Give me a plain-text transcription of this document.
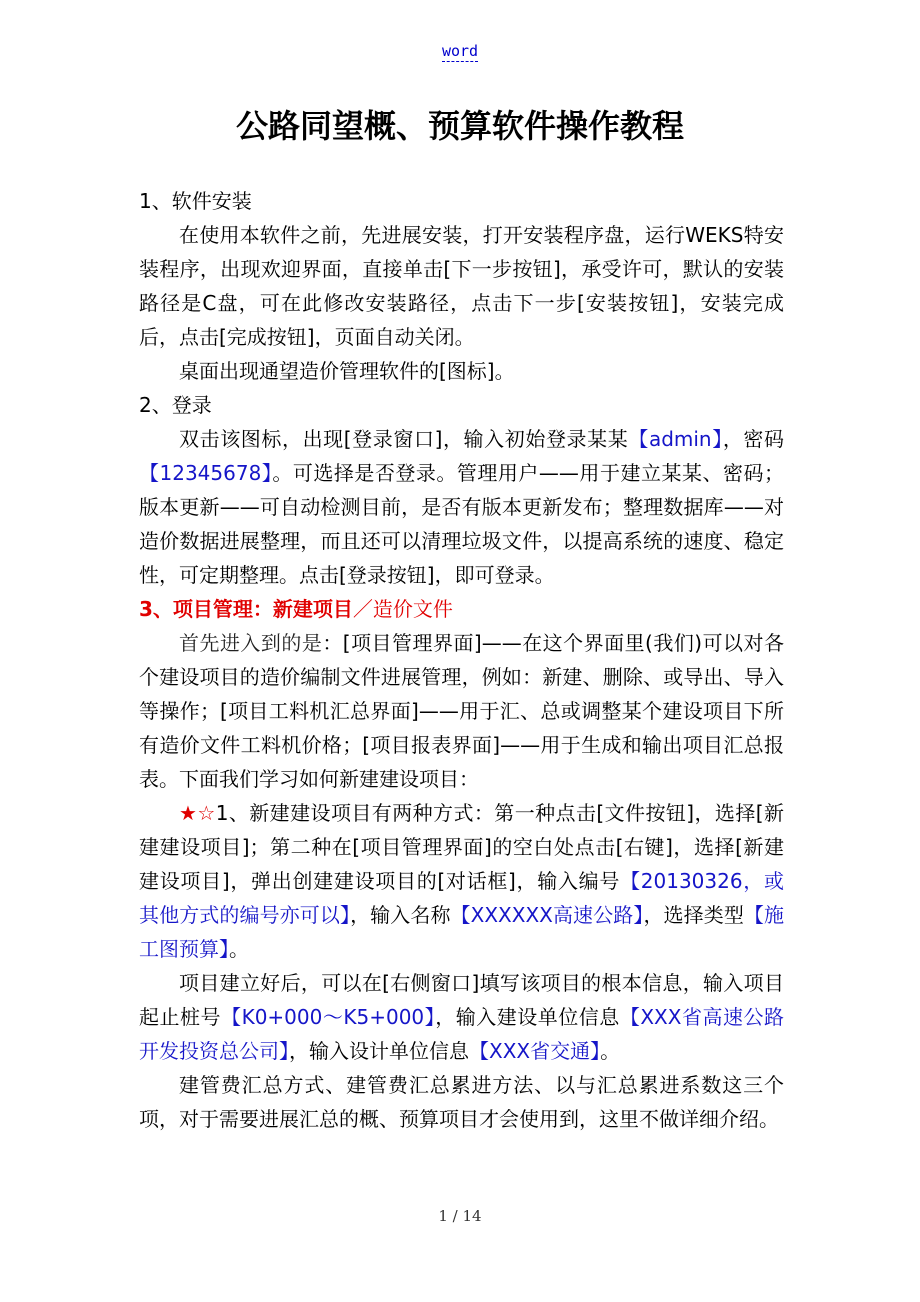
word
公路同望概、预算软件操作教程

1、软件安装

在使用本软件之前，先进展安装，打开安装程序盘，运行WEKS特安装程序，出现欢迎界面，直接单击[下一步按钮]，承受许可，默认的安装路径是C盘，可在此修改安装路径，点击下一步[安装按钮]，安装完成后，点击[完成按钮]，页面自动关闭。

桌面出现通望造价管理软件的[图标]。

2、登录

双击该图标，出现[登录窗口]，输入初始登录某某【admin】，密码【12345678】。可选择是否登录。管理用户——用于建立某某、密码；版本更新——可自动检测目前，是否有版本更新发布；整理数据库——对造价数据进展整理，而且还可以清理垃圾文件，以提高系统的速度、稳定性，可定期整理。点击[登录按钮]，即可登录。

3、项目管理：新建项目／造价文件

首先进入到的是：[项目管理界面]——在这个界面里(我们)可以对各个建设项目的造价编制文件进展管理，例如：新建、删除、或导出、导入等操作；[项目工料机汇总界面]——用于汇、总或调整某个建设项目下所有造价文件工料机价格；[项目报表界面]——用于生成和输出项目汇总报表。下面我们学习如何新建建设项目：

★☆1、新建建设项目有两种方式：第一种点击[文件按钮]，选择[新建建设项目]；第二种在[项目管理界面]的空白处点击[右键]，选择[新建建设项目]，弹出创建建设项目的[对话框]，输入编号【20130326，或其他方式的编号亦可以】，输入名称【XXXXXX高速公路】，选择类型【施工图预算】。

项目建立好后，可以在[右侧窗口]填写该项目的根本信息，输入项目起止桩号【K0+000～K5+000】，输入建设单位信息【XXX省高速公路开发投资总公司】，输入设计单位信息【XXX省交通】。

建管费汇总方式、建管费汇总累进方法、以与汇总累进系数这三个项，对于需要进展汇总的概、预算项目才会使用到，这里不做详细介绍。

1 / 14
